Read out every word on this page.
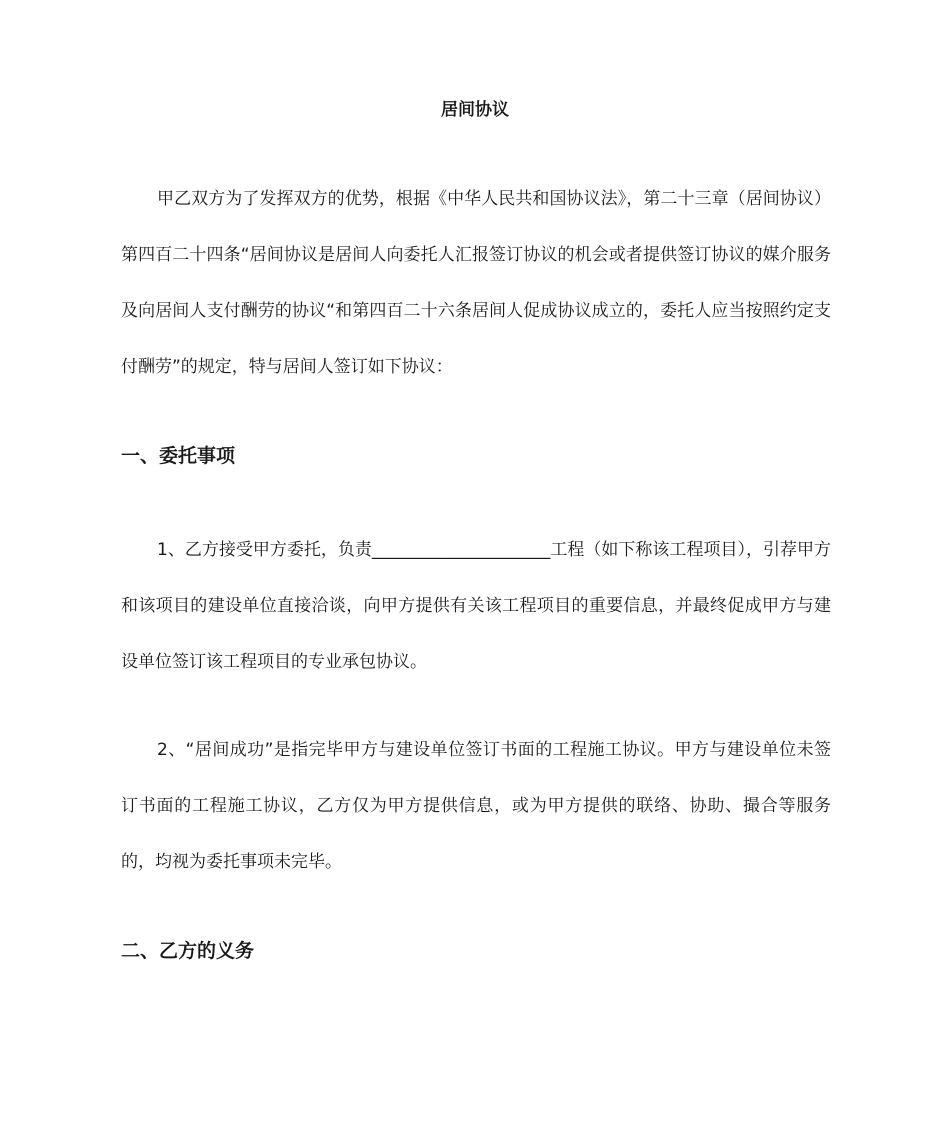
居间协议

甲乙双方为了发挥双方的优势，根据《中华人民共和国协议法》，第二十三章（居间协议）第四百二十四条“居间协议是居间人向委托人汇报签订协议的机会或者提供签订协议的媒介服务及向居间人支付酬劳的协议“和第四百二十六条居间人促成协议成立的，委托人应当按照约定支付酬劳”的规定，特与居间人签订如下协议：

一、委托事项

1、乙方接受甲方委托，负责_____________________工程（如下称该工程项目），引荐甲方和该项目的建设单位直接洽谈，向甲方提供有关该工程项目的重要信息，并最终促成甲方与建设单位签订该工程项目的专业承包协议。

2、“居间成功”是指完毕甲方与建设单位签订书面的工程施工协议。甲方与建设单位未签订书面的工程施工协议，乙方仅为甲方提供信息，或为甲方提供的联络、协助、撮合等服务的，均视为委托事项未完毕。

二、乙方的义务
